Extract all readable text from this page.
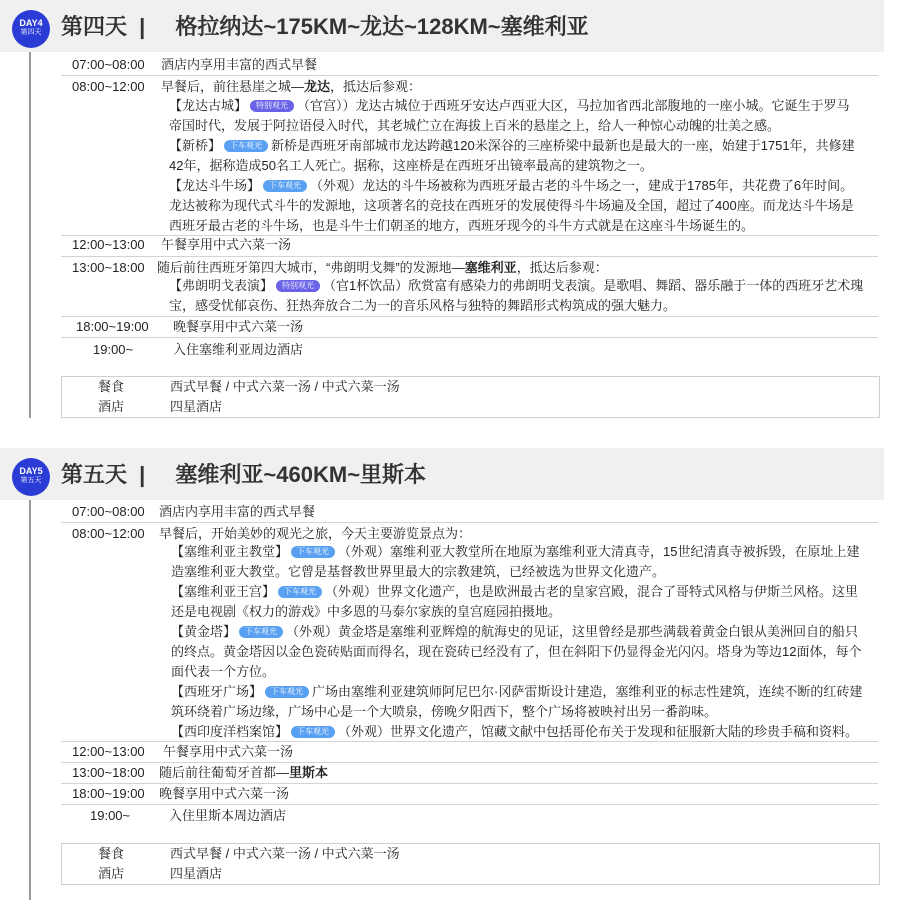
DAY4
第四天 第四天 | 格拉纳达~175KM~龙达~128KM~塞维利亚
07:00~08:00 酒店内享用丰富的西式早餐
08:00~12:00 早餐后，前往悬崖之城—龙达，抵达后参观：
【龙达古城】 特别观光 （官宫））龙达古城位于西班牙安达卢西亚大区，马拉加省西北部腹地的一座小城。它诞生于罗马
帝国时代，发展于阿拉语侵入时代，其老城伫立在海拔上百米的悬崖之上，给人一种惊心动魄的壮美之感。
【新桥】 下车观光 新桥是西班牙南部城市龙达跨越120米深谷的三座桥梁中最新也是最大的一座，始建于1751年，共修建
42年，据称造成50名工人死亡。据称，这座桥是在西班牙出镜率最高的建筑物之一。
【龙达斗牛场】 下车观光 （外观）龙达的斗牛场被称为西班牙最古老的斗牛场之一，建成于1785年，共花费了6年时间。
龙达被称为现代式斗牛的发源地，这项著名的竞技在西班牙的发展使得斗牛场遍及全国，超过了400座。而龙达斗牛场是
西班牙最古老的斗牛场，也是斗牛士们朝圣的地方，西班牙现今的斗牛方式就是在这座斗牛场诞生的。
12:00~13:00 午餐享用中式六菜一汤
13:00~18:00 随后前往西班牙第四大城市，“弗朗明戈舞”的发源地—塞维利亚，抵达后参观：
【弗朗明戈表演】 特别观光 （官1杯饮品）欣赏富有感染力的弗朗明戈表演。是歌唱、舞蹈、器乐融于一体的西班牙艺术瑰
宝，感受忧郁哀伤、狂热奔放合二为一的音乐风格与独特的舞蹈形式构筑成的强大魅力。
18:00~19:00 晚餐享用中式六菜一汤
19:00~	入住塞维利亚周边酒店
餐食	西式早餐 / 中式六菜一汤 / 中式六菜一汤
酒店	四星酒店
DAY5
第五天 第五天 | 塞维利亚~460KM~里斯本
07:00~08:00 酒店内享用丰富的西式早餐
08:00~12:00 早餐后，开始美妙的观光之旅，今天主要游览景点为：
【塞维利亚主教堂】 下车观光 （外观）塞维利亚大教堂所在地原为塞维利亚大清真寺，15世纪清真寺被拆毁，在原址上建
造塞维利亚大教堂。它曾是基督教世界里最大的宗教建筑，已经被选为世界文化遗产。
【塞维利亚王宫】 下车观光 （外观）世界文化遗产，也是欧洲最古老的皇家宫殿，混合了哥特式风格与伊斯兰风格。这里
还是电视剧《权力的游戏》中多恩的马泰尔家族的皇宫庭园拍摄地。
【黄金塔】 下车观光 （外观）黄金塔是塞维利亚辉煌的航海史的见证，这里曾经是那些满载着黄金白银从美洲回自的船只
的终点。黄金塔因以金色瓷砖贴面而得名，现在瓷砖已经没有了，但在斜阳下仍显得金光闪闪。塔身为等边12面体，每个
面代表一个方位。
【西班牙广场】 下车观光 广场由塞维利亚建筑师阿尼巴尔·冈萨雷斯设计建造，塞维利亚的标志性建筑，连续不断的红砖建
筑环绕着广场边缘，广场中心是一个大喷泉，傍晚夕阳西下，整个广场将被映衬出另一番韵味。
【西印度洋档案馆】 下车观光 （外观）世界文化遗产，馆藏文献中包括哥伦布关于发现和征服新大陆的珍贵手稿和资料。
12:00~13:00 午餐享用中式六菜一汤
13:00~18:00 随后前往葡萄牙首都—里斯本
18:00~19:00 晚餐享用中式六菜一汤
19:00~	入住里斯本周边酒店
餐食	西式早餐 / 中式六菜一汤 / 中式六菜一汤
酒店	四星酒店
